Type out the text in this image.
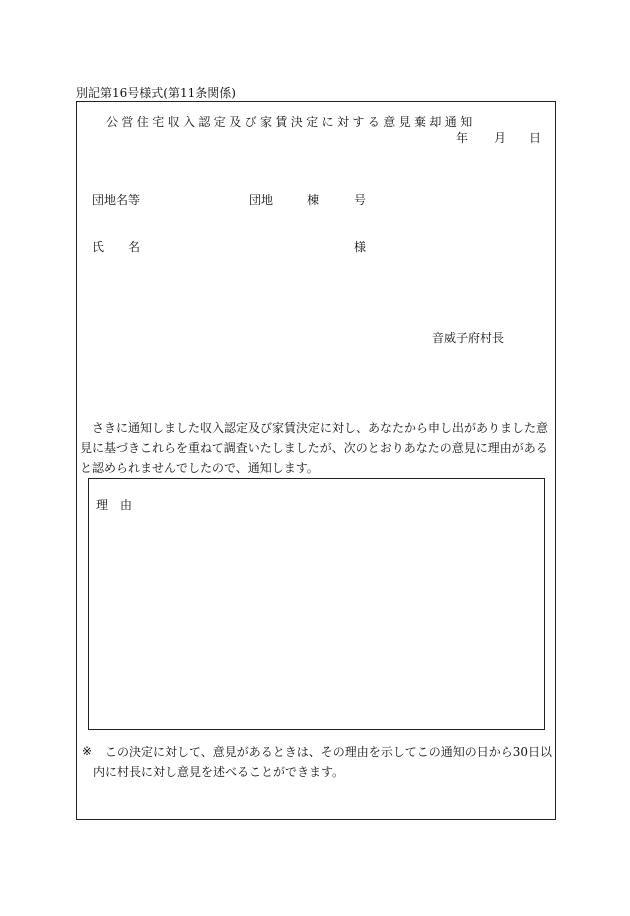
別記第16号様式(第11条関係)
公営住宅収入認定及び家賃決定に対する意見棄却通知
年 月 日
団地名等	団地	棟	号
氏　　名	様
音威子府村長
さきに通知しました収入認定及び家賃決定に対し、あなたから申し出がありました意見に基づきこれらを重ねて調査いたしましたが、次のとおりあなたの意見に理由があると認められませんでしたので、通知します。
理　由
※	この決定に対して、意見があるときは、その理由を示してこの通知の日から30日以内に村長に対し意見を述べることができます。
